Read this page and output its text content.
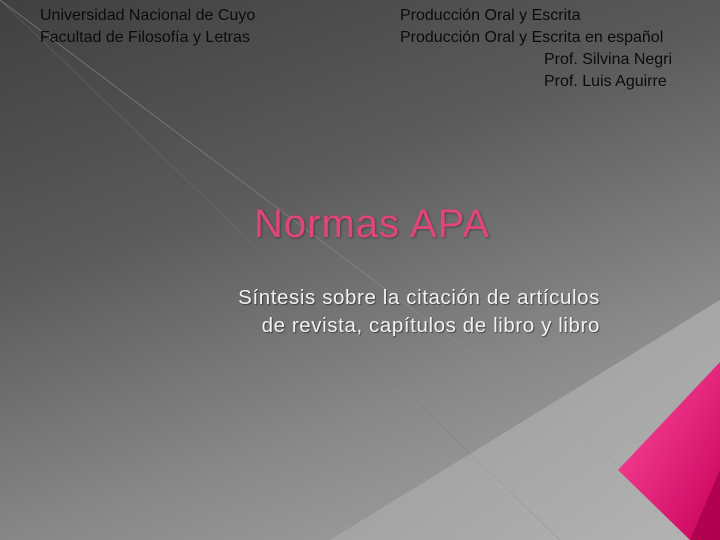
Universidad Nacional de Cuyo
Facultad de Filosofía y Letras
Producción Oral y Escrita
Producción Oral y Escrita en español
Prof. Silvina Negri
Prof. Luis Aguirre
Normas APA
Síntesis sobre la citación de artículos
de revista, capítulos de libro y libro
